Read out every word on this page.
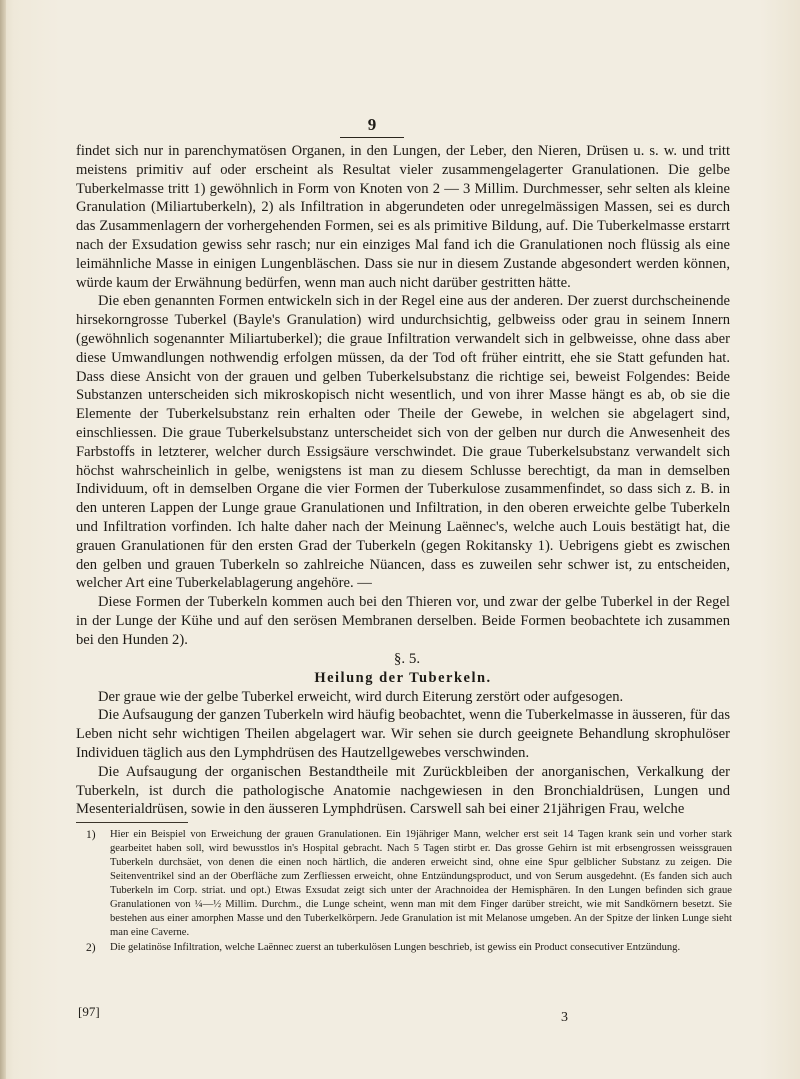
9

findet sich nur in parenchymatösen Organen, in den Lungen, der Leber, den Nieren, Drüsen u. s. w. und tritt meistens primitiv auf oder erscheint als Resultat vieler zusammengelagerter Granulationen. Die gelbe Tuberkelmasse tritt 1) gewöhnlich in Form von Knoten von 2 — 3 Millim. Durchmesser, sehr selten als kleine Granulation (Miliartuberkeln), 2) als Infiltration in abgerundeten oder unregelmässigen Massen, sei es durch das Zusammenlagern der vorhergehenden Formen, sei es als primitive Bildung, auf. Die Tuberkelmasse erstarrt nach der Exsudation gewiss sehr rasch; nur ein einziges Mal fand ich die Granulationen noch flüssig als eine leimähnliche Masse in einigen Lungenbläschen. Dass sie nur in diesem Zustande abgesondert werden können, würde kaum der Erwähnung bedürfen, wenn man auch nicht darüber gestritten hätte.

Die eben genannten Formen entwickeln sich in der Regel eine aus der anderen. Der zuerst durchscheinende hirsekorngrosse Tuberkel (Bayle's Granulation) wird undurchsichtig, gelbweiss oder grau in seinem Innern (gewöhnlich sogenannter Miliartuberkel); die graue Infiltration verwandelt sich in gelbweisse, ohne dass aber diese Umwandlungen nothwendig erfolgen müssen, da der Tod oft früher eintritt, ehe sie Statt gefunden hat. Dass diese Ansicht von der grauen und gelben Tuberkelsubstanz die richtige sei, beweist Folgendes: Beide Substanzen unterscheiden sich mikroskopisch nicht wesentlich, und von ihrer Masse hängt es ab, ob sie die Elemente der Tuberkelsubstanz rein erhalten oder Theile der Gewebe, in welchen sie abgelagert sind, einschliessen. Die graue Tuberkelsubstanz unterscheidet sich von der gelben nur durch die Anwesenheit des Farbstoffs in letzterer, welcher durch Essigsäure verschwindet. Die graue Tuberkelsubstanz verwandelt sich höchst wahrscheinlich in gelbe, wenigstens ist man zu diesem Schlusse berechtigt, da man in demselben Individuum, oft in demselben Organe die vier Formen der Tuberkulose zusammenfindet, so dass sich z. B. in den unteren Lappen der Lunge graue Granulationen und Infiltration, in den oberen erweichte gelbe Tuberkeln und Infiltration vorfinden. Ich halte daher nach der Meinung Laënnec's, welche auch Louis bestätigt hat, die grauen Granulationen für den ersten Grad der Tuberkeln (gegen Rokitansky 1). Uebrigens giebt es zwischen den gelben und grauen Tuberkeln so zahlreiche Nüancen, dass es zuweilen sehr schwer ist, zu entscheiden, welcher Art eine Tuberkelablagerung angehöre. —

Diese Formen der Tuberkeln kommen auch bei den Thieren vor, und zwar der gelbe Tuberkel in der Regel in der Lunge der Kühe und auf den serösen Membranen derselben. Beide Formen beobachtete ich zusammen bei den Hunden 2).

§. 5.

Heilung der Tuberkeln.

Der graue wie der gelbe Tuberkel erweicht, wird durch Eiterung zerstört oder aufgesogen.

Die Aufsaugung der ganzen Tuberkeln wird häufig beobachtet, wenn die Tuberkelmasse in äusseren, für das Leben nicht sehr wichtigen Theilen abgelagert war. Wir sehen sie durch geeignete Behandlung skrophulöser Individuen täglich aus den Lymphdrüsen des Hautzellgewebes verschwinden.

Die Aufsaugung der organischen Bestandtheile mit Zurückbleiben der anorganischen, Verkalkung der Tuberkeln, ist durch die pathologische Anatomie nachgewiesen in den Bronchialdrüsen, Lungen und Mesenterialdrüsen, sowie in den äusseren Lymphdrüsen. Carswell sah bei einer 21jährigen Frau, welche

1)	Hier ein Beispiel von Erweichung der grauen Granulationen. Ein 19jähriger Mann, welcher erst seit 14 Tagen krank sein und vorher stark gearbeitet haben soll, wird bewusstlos in's Hospital gebracht. Nach 5 Tagen stirbt er. Das grosse Gehirn ist mit erbsengrossen weissgrauen Tuberkeln durchsäet, von denen die einen noch härtlich, die anderen erweicht sind, ohne eine Spur gelblicher Substanz zu zeigen. Die Seitenventrikel sind an der Oberfläche zum Zerfliessen erweicht, ohne Entzündungsproduct, und von Serum ausgedehnt. (Es fanden sich auch Tuberkeln im Corp. striat. und opt.) Etwas Exsudat zeigt sich unter der Arachnoidea der Hemisphären. In den Lungen befinden sich graue Granulationen von ¼—½ Millim. Durchm., die Lunge scheint, wenn man mit dem Finger darüber streicht, wie mit Sandkörnern besetzt. Sie bestehen aus einer amorphen Masse und den Tuberkelkörpern. Jede Granulation ist mit Melanose umgeben. An der Spitze der linken Lunge sieht man eine Caverne.
2)	Die gelatinöse Infiltration, welche Laënnec zuerst an tuberkulösen Lungen beschrieb, ist gewiss ein Product consecutiver Entzündung.
[97]	3
